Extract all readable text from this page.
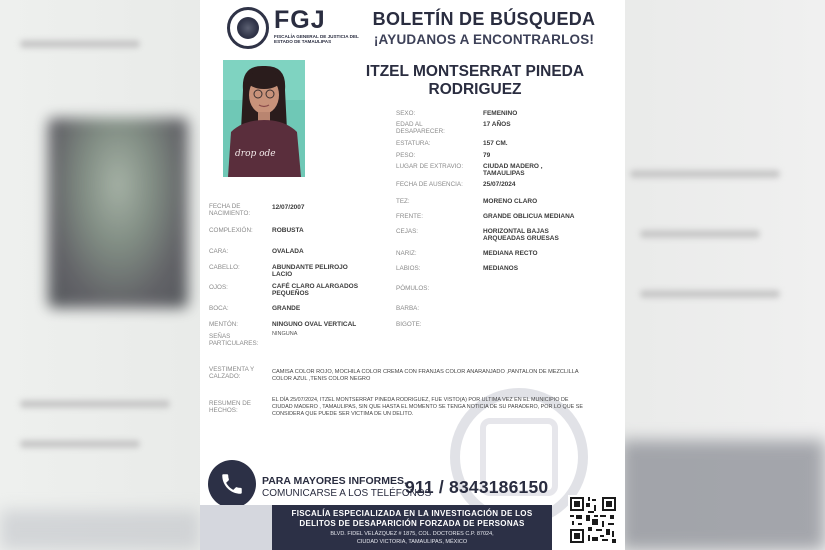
FGJ
FISCALÍA GENERAL DE JUSTICIA DEL ESTADO DE TAMAULIPAS
BOLETÍN DE BÚSQUEDA
¡AYUDANOS A ENCONTRARLOS!
drop ode
ITZEL MONTSERRAT PINEDA RODRIGUEZ
SEXO:	FEMENINO
EDAD AL DESAPARECER:
17 AÑOS
ESTATURA:	157 CM.
PESO:	79
LUGAR DE EXTRAVIO:	CIUDAD MADERO , TAMAULIPAS
FECHA DE AUSENCIA:	25/07/2024
TEZ:	MORENO CLARO
FRENTE:	GRANDE OBLICUA MEDIANA
CEJAS:	HORIZONTAL BAJAS ARQUEADAS GRUESAS
NARIZ:	MEDIANA RECTO
LABIOS:	MEDIANOS
PÓMULOS:
BARBA:
BIGOTE:
FECHA DE NACIMIENTO:
12/07/2007
COMPLEXIÓN:	ROBUSTA
CARA:	OVALADA
CABELLO:	ABUNDANTE PELIROJO LACIO
OJOS:	CAFÉ CLARO ALARGADOS PEQUEÑOS
BOCA:	GRANDE
MENTÓN:	NINGUNO OVAL VERTICAL
SEÑAS PARTICULARES:
NINGUNA
VESTIMENTA Y CALZADO:
CAMISA COLOR ROJO, MOCHILA COLOR CREMA CON FRANJAS COLOR ANARANJADO ,PANTALON DE MEZCLILLA COLOR AZUL ,TENIS COLOR NEGRO
RESUMEN DE HECHOS:
EL DÍA 25/07/2024, ITZEL MONTSERRAT PINEDA RODRIGUEZ, FUE VISTO(A) POR ULTIMA VEZ EN EL MUNICIPIO DE
CIUDAD MADERO , TAMAULIPAS, SIN QUE HASTA EL MOMENTO SE TENGA NOTICIA DE SU PARADERO, POR LO QUE SE
CONSIDERA QUE PUEDE SER VICTIMA DE UN DELITO.
PARA MAYORES INFORMES,
COMUNICARSE A LOS TELÉFONOS
911 / 8343186150
FISCALÍA ESPECIALIZADA EN LA INVESTIGACIÓN DE LOS
DELITOS DE DESAPARICIÓN FORZADA DE PERSONAS
BLVD. FIDEL VELÁZQUEZ # 1875, COL. DOCTORES C.P. 87024,
CIUDAD VICTORIA, TAMAULIPAS, MÉXICO
